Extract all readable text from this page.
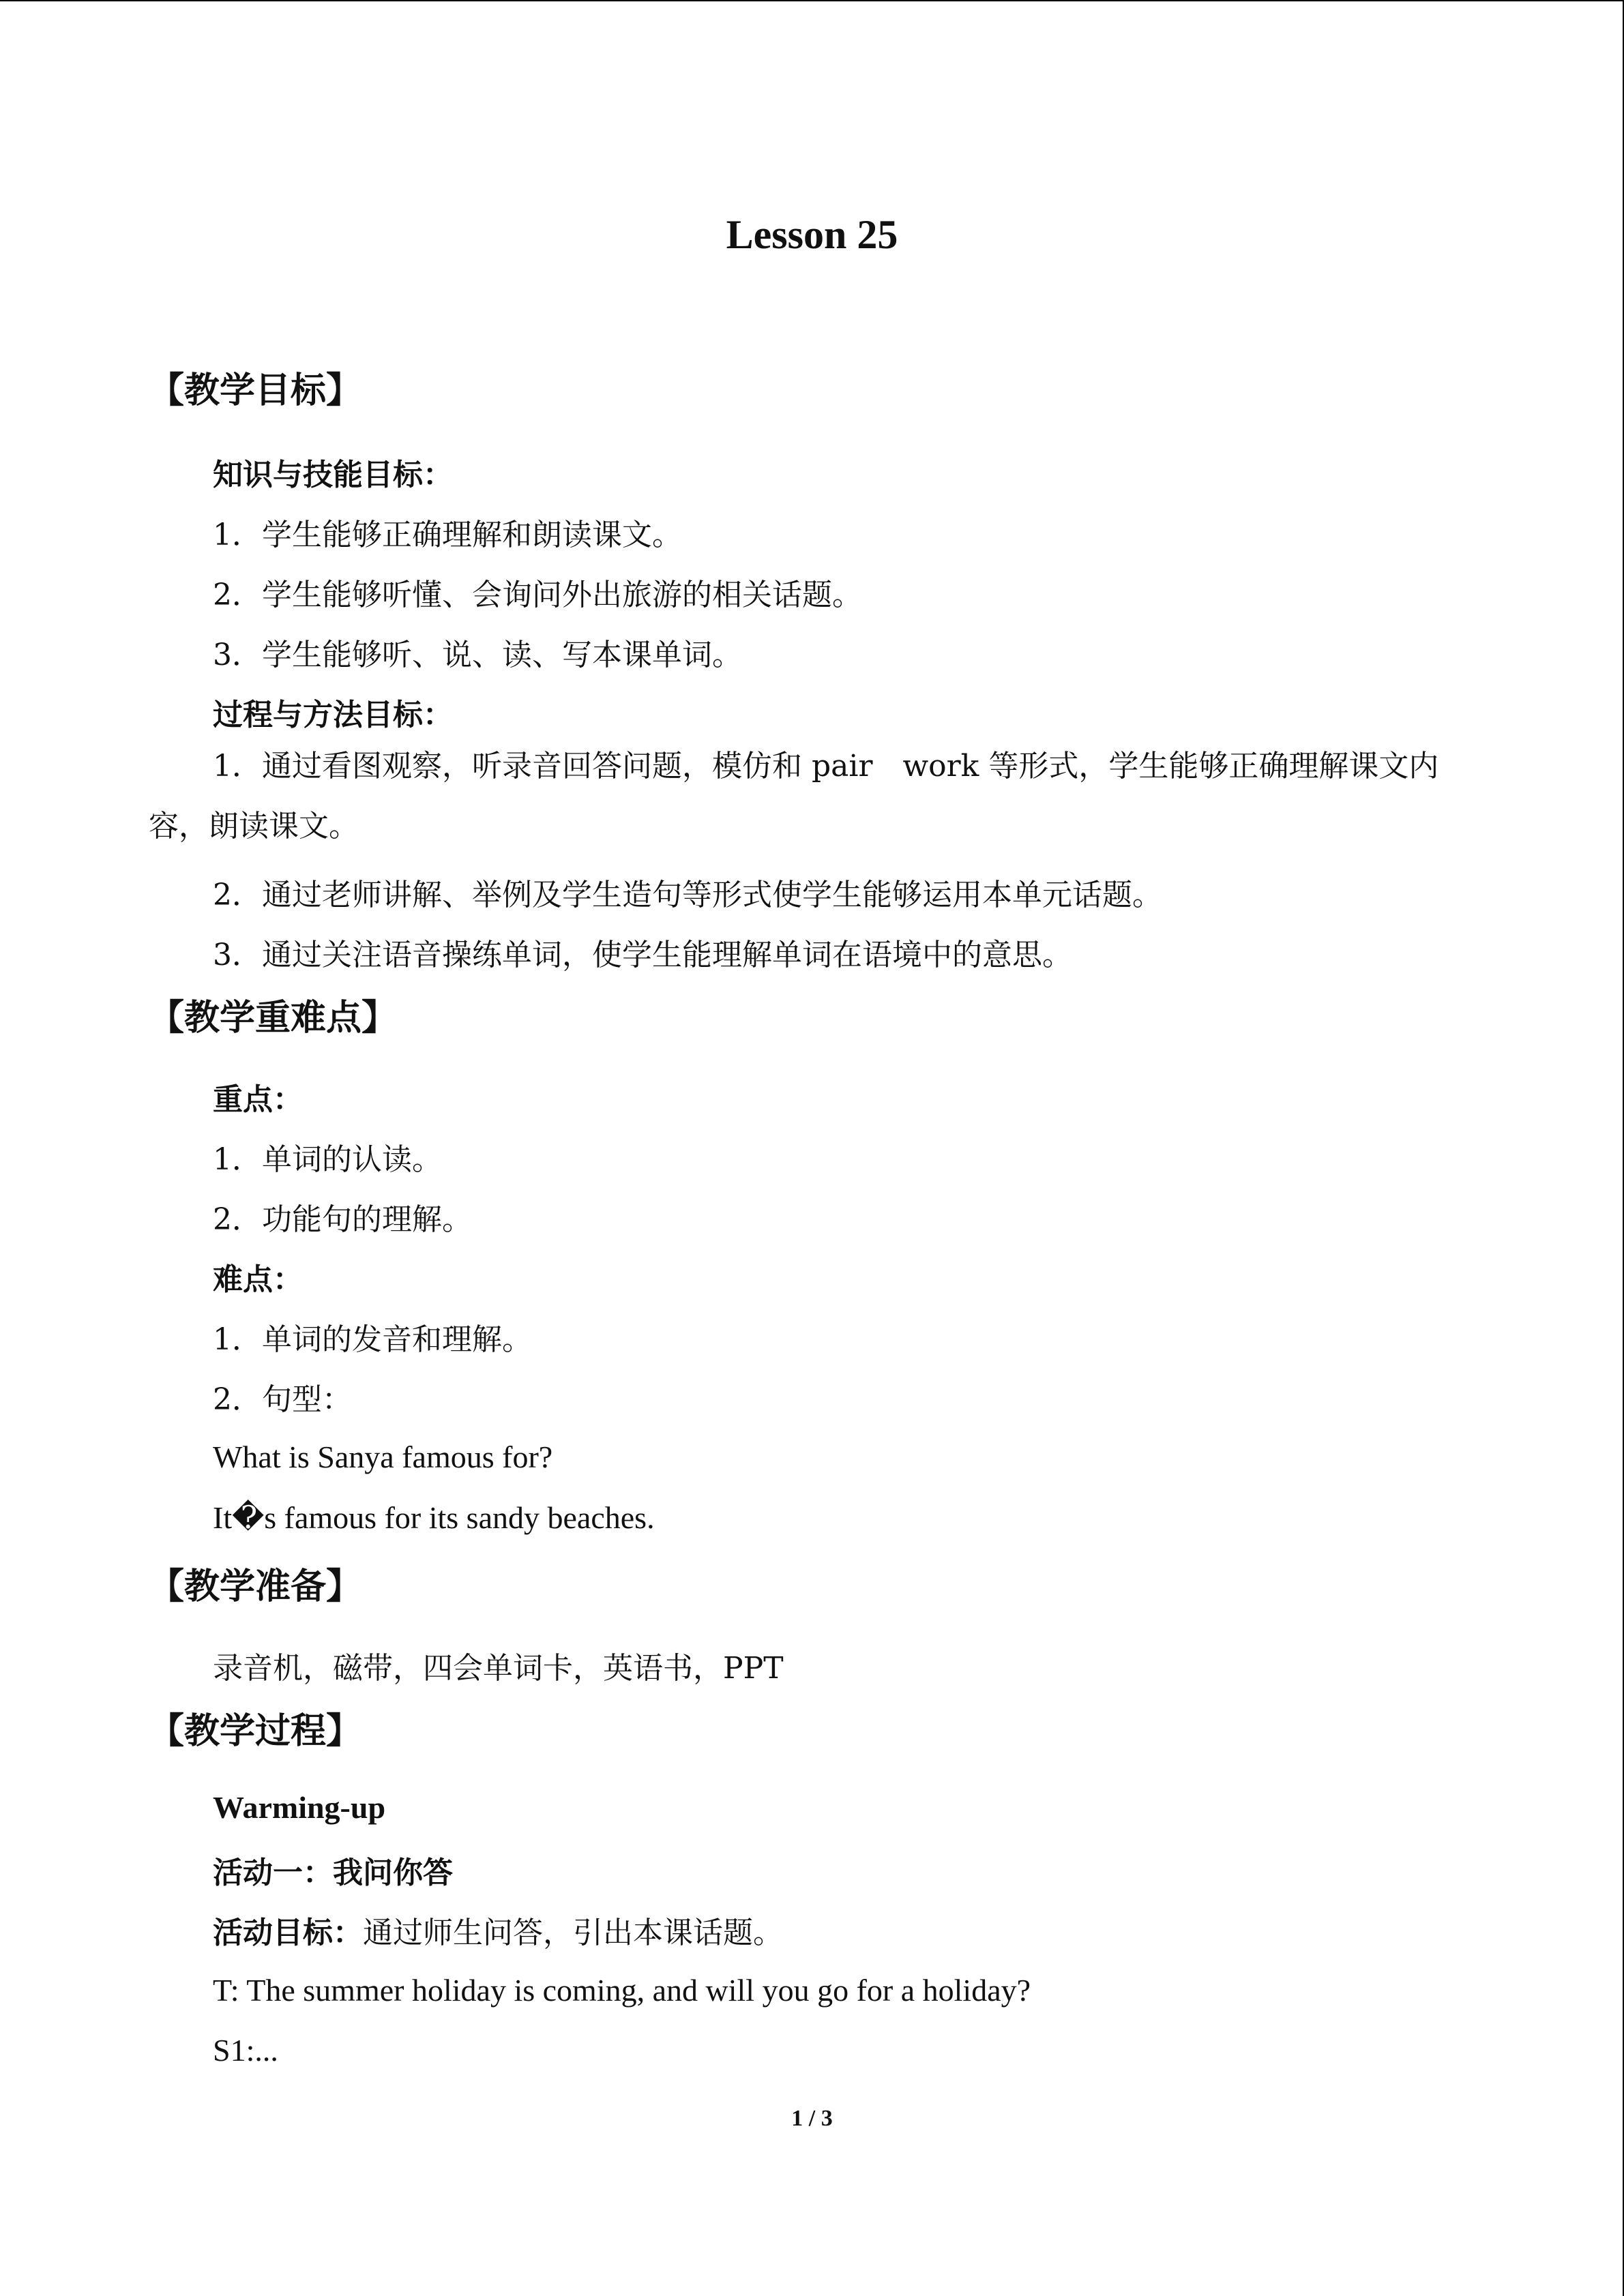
Lesson 25
【教学目标】
知识与技能目标：
1．学生能够正确理解和朗读课文。
2．学生能够听懂、会询问外出旅游的相关话题。
3．学生能够听、说、读、写本课单词。
过程与方法目标：
1．通过看图观察，听录音回答问题，模仿和 pair　work 等形式，学生能够正确理解课文内容，朗读课文。
2．通过老师讲解、举例及学生造句等形式使学生能够运用本单元话题。
3．通过关注语音操练单词，使学生能理解单词在语境中的意思。
【教学重难点】
重点：
1．单词的认读。
2．功能句的理解。
难点：
1．单词的发音和理解。
2．句型：
What is Sanya famous for?
It�s famous for its sandy beaches.
【教学准备】
录音机，磁带，四会单词卡，英语书，PPT
【教学过程】
Warming-up
活动一：我问你答
活动目标：通过师生问答，引出本课话题。
T: The summer holiday is coming, and will you go for a holiday?
S1:...
1 / 3
